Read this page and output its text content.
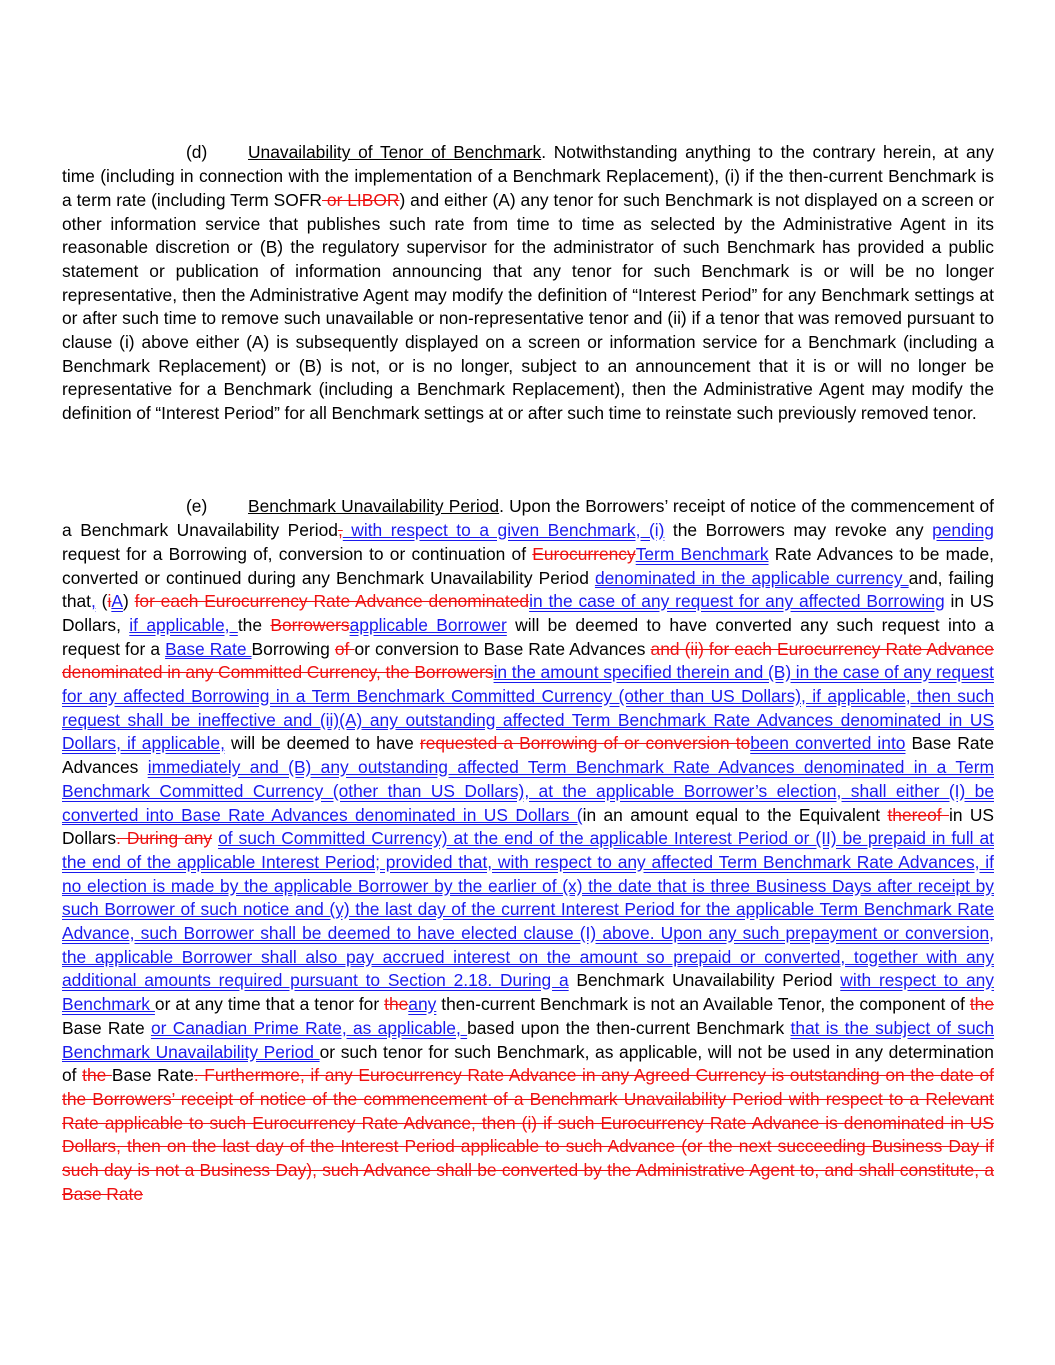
(d) Unavailability of Tenor of Benchmark. Notwithstanding anything to the contrary herein, at any time (including in connection with the implementation of a Benchmark Replacement), (i) if the then-current Benchmark is a term rate (including Term SOFR or LIBOR) and either (A) any tenor for such Benchmark is not displayed on a screen or other information service that publishes such rate from time to time as selected by the Administrative Agent in its reasonable discretion or (B) the regulatory supervisor for the administrator of such Benchmark has provided a public statement or publication of information announcing that any tenor for such Benchmark is or will be no longer representative, then the Administrative Agent may modify the definition of “Interest Period” for any Benchmark settings at or after such time to remove such unavailable or non-representative tenor and (ii) if a tenor that was removed pursuant to clause (i) above either (A) is subsequently displayed on a screen or information service for a Benchmark (including a Benchmark Replacement) or (B) is not, or is no longer, subject to an announcement that it is or will no longer be representative for a Benchmark (including a Benchmark Replacement), then the Administrative Agent may modify the definition of “Interest Period” for all Benchmark settings at or after such time to reinstate such previously removed tenor.

(e) Benchmark Unavailability Period. Upon the Borrowers’ receipt of notice of the commencement of a Benchmark Unavailability Period, with respect to a given Benchmark, (i) the Borrowers may revoke any pending request for a Borrowing of, conversion to or continuation of EurocurrencyTerm Benchmark Rate Advances to be made, converted or continued during any Benchmark Unavailability Period denominated in the applicable currency and, failing that, (iA) for each Eurocurrency Rate Advance denominatedin the case of any request for any affected Borrowing in US Dollars, if applicable, the Borrowersapplicable Borrower will be deemed to have converted any such request into a request for a Base Rate Borrowing of or conversion to Base Rate Advances and (ii) for each Eurocurrency Rate Advance denominated in any Committed Currency, the Borrowersin the amount specified therein and (B) in the case of any request for any affected Borrowing in a Term Benchmark Committed Currency (other than US Dollars), if applicable, then such request shall be ineffective and (ii)(A) any outstanding affected Term Benchmark Rate Advances denominated in US Dollars, if applicable, will be deemed to have requested a Borrowing of or conversion tobeen converted into Base Rate Advances immediately and (B) any outstanding affected Term Benchmark Rate Advances denominated in a Term Benchmark Committed Currency (other than US Dollars), at the applicable Borrower’s election, shall either (I) be converted into Base Rate Advances denominated in US Dollars (in an amount equal to the Equivalent thereof in US Dollars. During any of such Committed Currency) at the end of the applicable Interest Period or (II) be prepaid in full at the end of the applicable Interest Period; provided that, with respect to any affected Term Benchmark Rate Advances, if no election is made by the applicable Borrower by the earlier of (x) the date that is three Business Days after receipt by such Borrower of such notice and (y) the last day of the current Interest Period for the applicable Term Benchmark Rate Advance, such Borrower shall be deemed to have elected clause (I) above. Upon any such prepayment or conversion, the applicable Borrower shall also pay accrued interest on the amount so prepaid or converted, together with any additional amounts required pursuant to Section 2.18. During a Benchmark Unavailability Period with respect to any Benchmark or at any time that a tenor for theany then-current Benchmark is not an Available Tenor, the component of the Base Rate or Canadian Prime Rate, as applicable, based upon the then-current Benchmark that is the subject of such Benchmark Unavailability Period or such tenor for such Benchmark, as applicable, will not be used in any determination of the Base Rate. Furthermore, if any Eurocurrency Rate Advance in any Agreed Currency is outstanding on the date of the Borrowers’ receipt of notice of the commencement of a Benchmark Unavailability Period with respect to a Relevant Rate applicable to such Eurocurrency Rate Advance, then (i) if such Eurocurrency Rate Advance is denominated in US Dollars, then on the last day of the Interest Period applicable to such Advance (or the next succeeding Business Day if such day is not a Business Day), such Advance shall be converted by the Administrative Agent to, and shall constitute, a Base Rate
